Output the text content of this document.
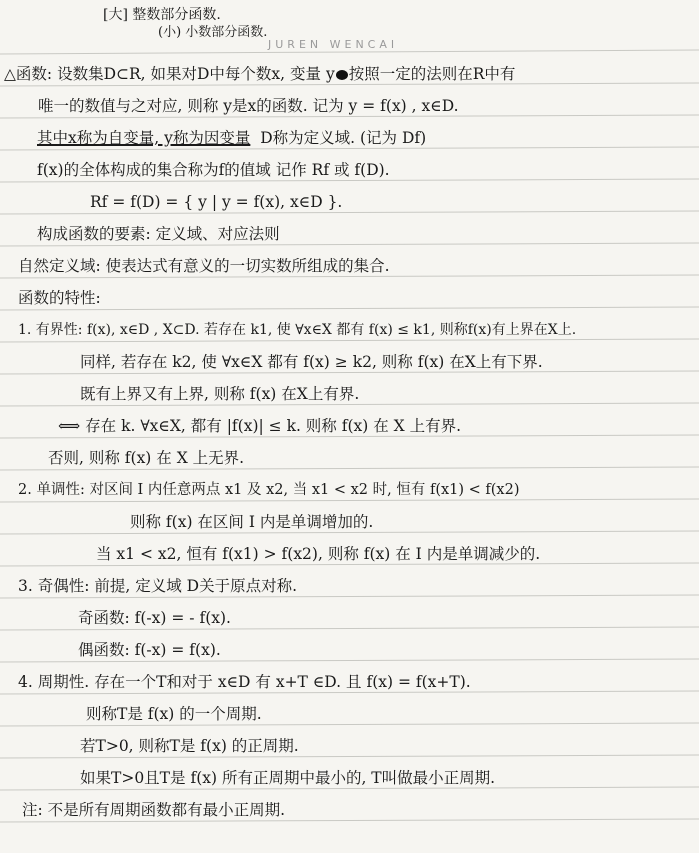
[大] 整数部分函数.
(小) 小数部分函数.
JUREN WENCAI
△函数: 设数集D⊂R, 如果对D中每个数x, 变量 y 按照一定的法则在R中有
唯一的数值与之对应, 则称 y是x的函数. 记为 y = f(x) , x∈D.
其中x称为自变量, y称为因变量 D称为定义域. (记为 Df)
f(x)的全体构成的集合称为f的值域 记作 Rf 或 f(D).
Rf = f(D) = { y | y = f(x), x∈D }.
构成函数的要素: 定义域、对应法则
自然定义域: 使表达式有意义的一切实数所组成的集合.
函数的特性:
1. 有界性: f(x), x∈D , X⊂D. 若存在 k1, 使 ∀x∈X 都有 f(x) ≤ k1, 则称f(x)有上界在X上.
同样, 若存在 k2, 使 ∀x∈X 都有 f(x) ≥ k2, 则称 f(x) 在X上有下界.
既有上界又有上界, 则称 f(x) 在X上有界.
⟺ 存在 k. ∀x∈X, 都有 |f(x)| ≤ k. 则称 f(x) 在 X 上有界.
否则, 则称 f(x) 在 X 上无界.
2. 单调性: 对区间 I 内任意两点 x1 及 x2, 当 x1 < x2 时, 恒有 f(x1) < f(x2)
则称 f(x) 在区间 I 内是单调增加的.
当 x1 < x2, 恒有 f(x1) > f(x2), 则称 f(x) 在 I 内是单调减少的.
3. 奇偶性: 前提, 定义域 D关于原点对称.
奇函数: f(-x) = - f(x).
偶函数: f(-x) = f(x).
4. 周期性. 存在一个T和对于 x∈D 有 x+T ∈D. 且 f(x) = f(x+T).
则称T是 f(x) 的一个周期.
若T>0, 则称T是 f(x) 的正周期.
如果T>0且T是 f(x) 所有正周期中最小的, T叫做最小正周期.
注: 不是所有周期函数都有最小正周期.
